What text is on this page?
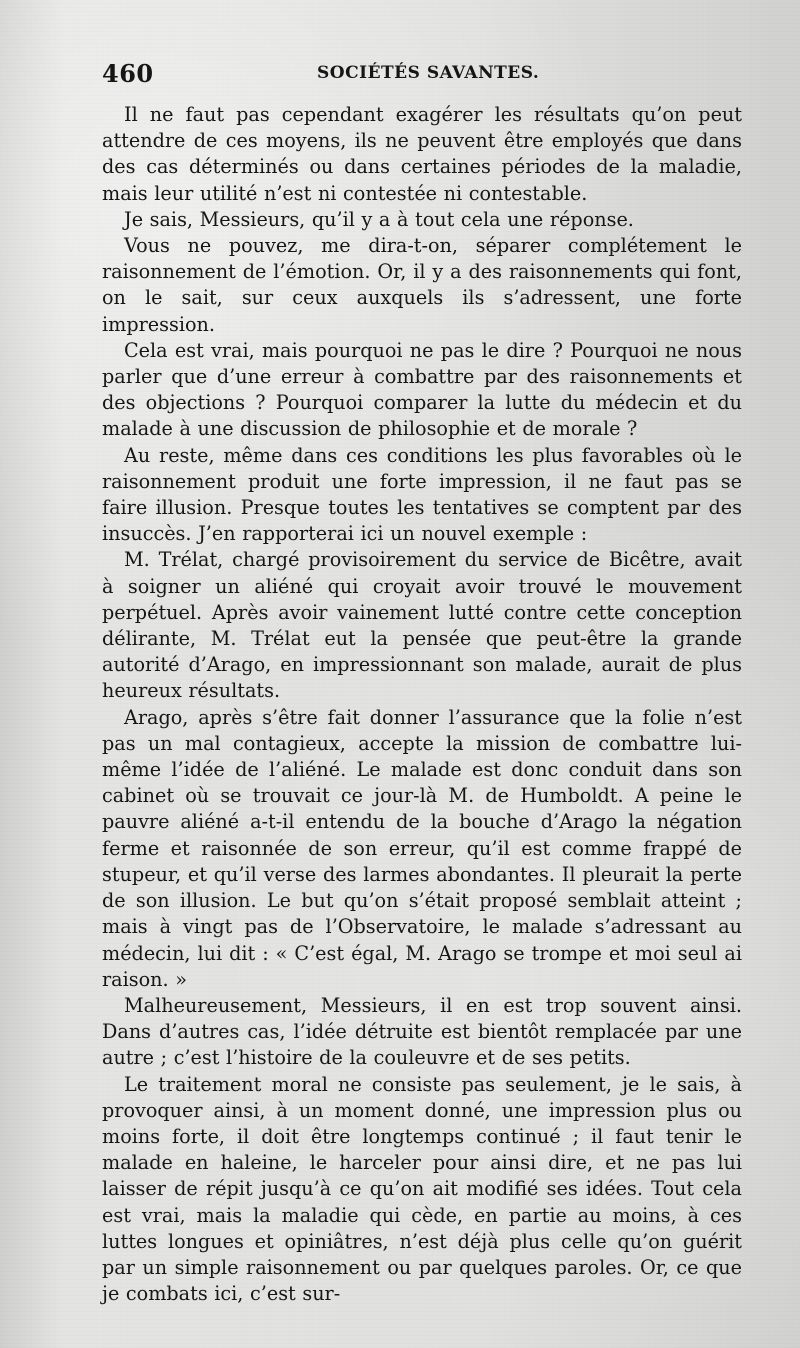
460	SOCIÉTÉS SAVANTES.

Il ne faut pas cependant exagérer les résultats qu’on peut attendre de ces moyens, ils ne peuvent être employés que dans des cas déterminés ou dans certaines périodes de la maladie, mais leur utilité n’est ni contestée ni contestable.

Je sais, Messieurs, qu’il y a à tout cela une réponse.

Vous ne pouvez, me dira-t-on, séparer complétement le raisonnement de l’émotion. Or, il y a des raisonnements qui font, on le sait, sur ceux auxquels ils s’adressent, une forte impression.

Cela est vrai, mais pourquoi ne pas le dire ? Pourquoi ne nous parler que d’une erreur à combattre par des raisonnements et des objections ? Pourquoi comparer la lutte du médecin et du malade à une discussion de philosophie et de morale ?

Au reste, même dans ces conditions les plus favorables où le raisonnement produit une forte impression, il ne faut pas se faire illusion. Presque toutes les tentatives se comptent par des insuccès. J’en rapporterai ici un nouvel exemple :

M. Trélat, chargé provisoirement du service de Bicêtre, avait à soigner un aliéné qui croyait avoir trouvé le mouvement perpétuel. Après avoir vainement lutté contre cette conception délirante, M. Trélat eut la pensée que peut-être la grande autorité d’Arago, en impressionnant son malade, aurait de plus heureux résultats.

Arago, après s’être fait donner l’assurance que la folie n’est pas un mal contagieux, accepte la mission de combattre lui-même l’idée de l’aliéné. Le malade est donc conduit dans son cabinet où se trouvait ce jour-là M. de Humboldt. A peine le pauvre aliéné a-t-il entendu de la bouche d’Arago la négation ferme et raisonnée de son erreur, qu’il est comme frappé de stupeur, et qu’il verse des larmes abondantes. Il pleurait la perte de son illusion. Le but qu’on s’était proposé semblait atteint ; mais à vingt pas de l’Observatoire, le malade s’adressant au médecin, lui dit : « C’est égal, M. Arago se trompe et moi seul ai raison. »

Malheureusement, Messieurs, il en est trop souvent ainsi. Dans d’autres cas, l’idée détruite est bientôt remplacée par une autre ; c’est l’histoire de la couleuvre et de ses petits.

Le traitement moral ne consiste pas seulement, je le sais, à provoquer ainsi, à un moment donné, une impression plus ou moins forte, il doit être longtemps continué ; il faut tenir le malade en haleine, le harceler pour ainsi dire, et ne pas lui laisser de répit jusqu’à ce qu’on ait modifié ses idées. Tout cela est vrai, mais la maladie qui cède, en partie au moins, à ces luttes longues et opiniâtres, n’est déjà plus celle qu’on guérit par un simple raisonnement ou par quelques paroles. Or, ce que je combats ici, c’est sur-
